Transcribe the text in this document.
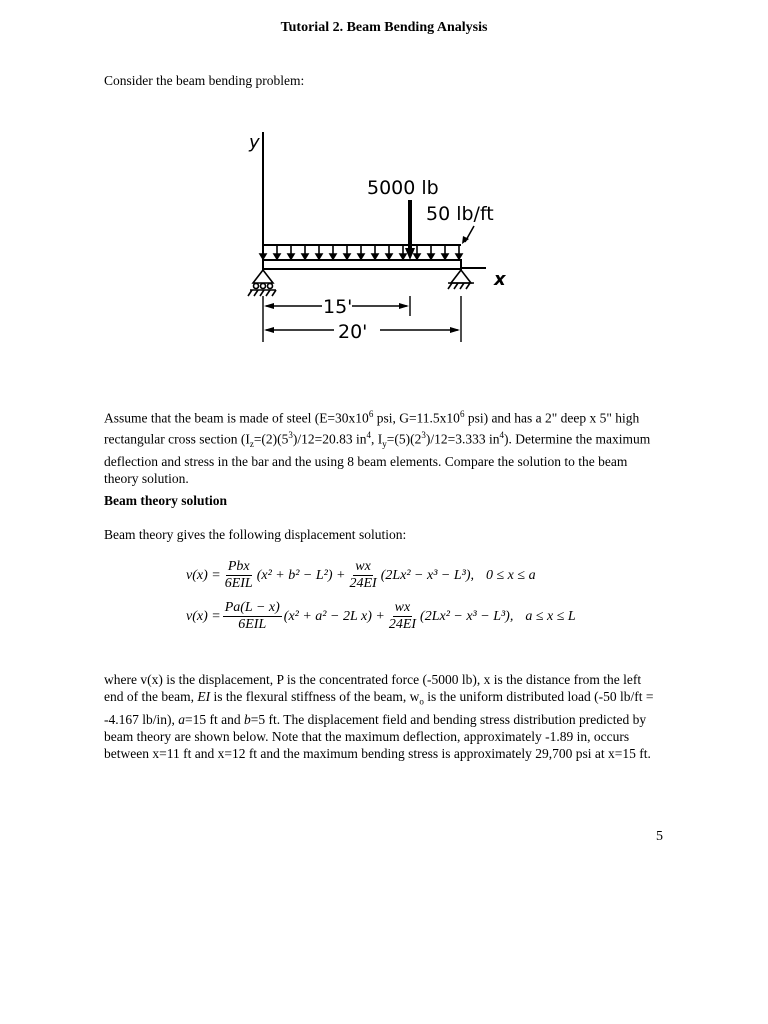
Tutorial 2. Beam Bending Analysis
Consider the beam bending problem:
y
x
5000 lb
50 lb/ft
15'
20'
Assume that the beam is made of steel ($E=30x10^6$ psi, $G=11.5x10^6$ psi) and has a 2" deep x 5" high rectangular cross section ($I_z=(2)(5^3)/12=20.83$ $in^4$, $I_y=(5)(2^3)/12=3.333$ $in^4$). Determine the maximum deflection and stress in the bar and the using 8 beam elements. Compare the solution to the beam theory solution.
Beam theory solution
Beam theory gives the following displacement solution:
$v(x) = \frac{\text{Pbx}}{\text{6EIL}} (x^2 + b^2 - L^2) + \frac{wx}{24EI} (2Lx^2 - x^3 - L^3)$, 0 ≤ x ≤ a
$v(x) = \frac{Pa(L - x)}{\text{6EIL}} (x^2 + a^2 - 2L$ $x) + \frac{wx}{24EI} (2Lx^2 - x^3 - L^3)$, a ≤ x ≤ L
where v(x) is the displacement, P is the concentrated force (-5000 lb), x is the distance from the left end of the beam, EI is the flexural stiffness of the beam, $w_o$ is the uniform distributed load (-50 lb/ft = -4.167 lb/in), a=15 ft and b=5 ft. The displacement field and bending stress distribution predicted by beam theory are shown below. Note that the maximum deflection, approximately -1.89 in, occurs between x=11 ft and x=12 ft and the maximum bending stress is approximately 29,700 psi at x=15 ft.
5
